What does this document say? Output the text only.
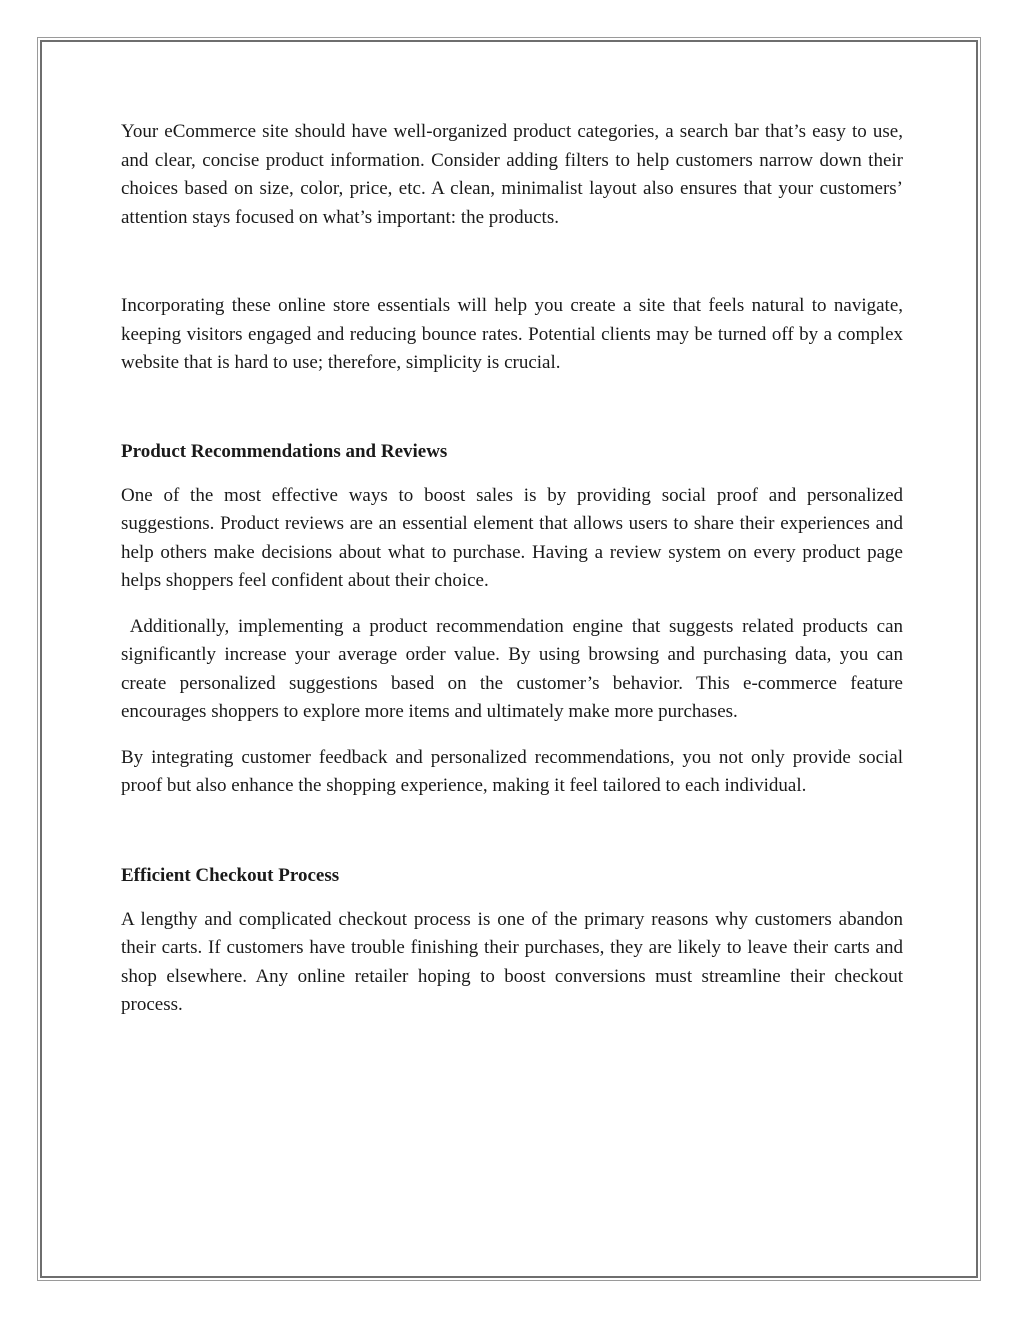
Your eCommerce site should have well-organized product categories, a search bar that’s easy to use, and clear, concise product information. Consider adding filters to help customers narrow down their choices based on size, color, price, etc. A clean, minimalist layout also ensures that your customers’ attention stays focused on what’s important: the products.

Incorporating these online store essentials will help you create a site that feels natural to navigate, keeping visitors engaged and reducing bounce rates. Potential clients may be turned off by a complex website that is hard to use; therefore, simplicity is crucial.

Product Recommendations and Reviews

One of the most effective ways to boost sales is by providing social proof and personalized suggestions. Product reviews are an essential element that allows users to share their experiences and help others make decisions about what to purchase. Having a review system on every product page helps shoppers feel confident about their choice.

Additionally, implementing a product recommendation engine that suggests related products can significantly increase your average order value. By using browsing and purchasing data, you can create personalized suggestions based on the customer’s behavior. This e-commerce feature encourages shoppers to explore more items and ultimately make more purchases.

By integrating customer feedback and personalized recommendations, you not only provide social proof but also enhance the shopping experience, making it feel tailored to each individual.

Efficient Checkout Process

A lengthy and complicated checkout process is one of the primary reasons why customers abandon their carts. If customers have trouble finishing their purchases, they are likely to leave their carts and shop elsewhere. Any online retailer hoping to boost conversions must streamline their checkout process.
